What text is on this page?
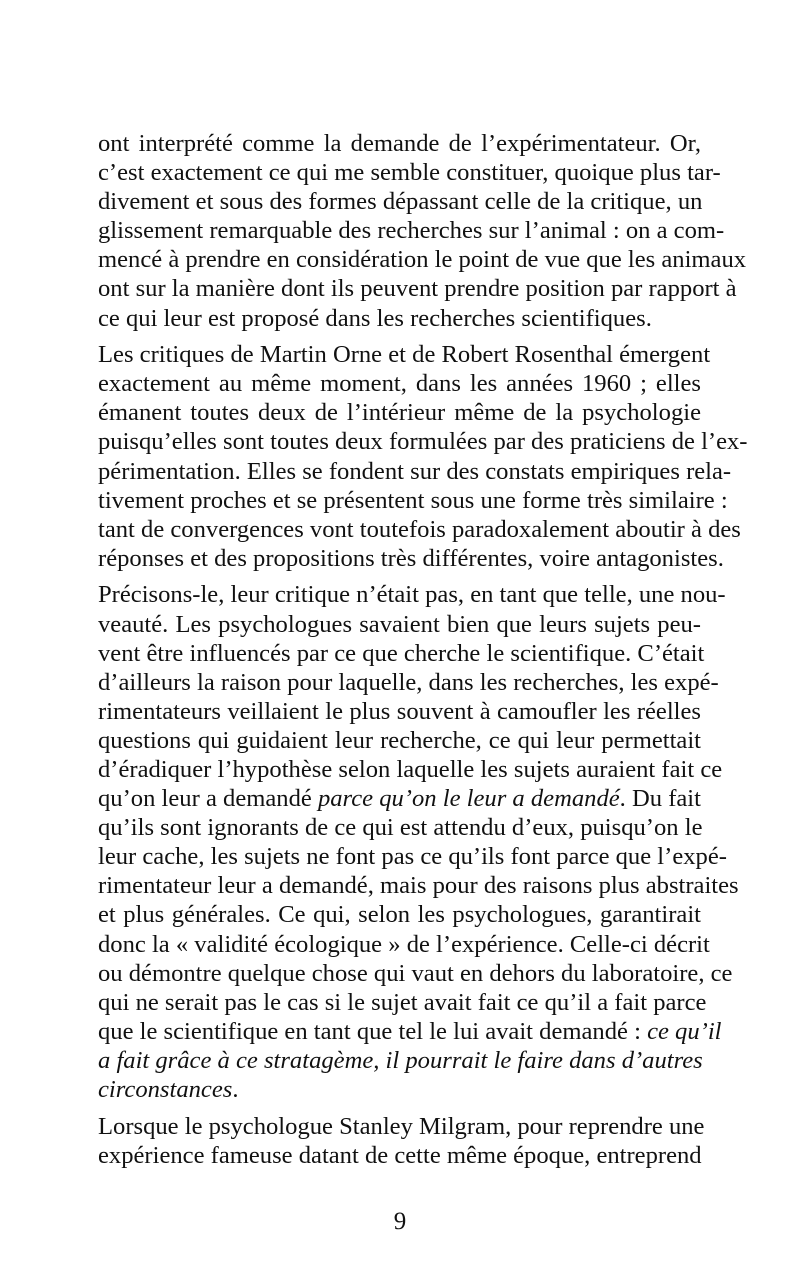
ont interprété comme la demande de l’expérimentateur. Or,
c’est exactement ce qui me semble constituer, quoique plus tar-
divement et sous des formes dépassant celle de la critique, un
glissement remarquable des recherches sur l’animal : on a com-
mencé à prendre en considération le point de vue que les animaux
ont sur la manière dont ils peuvent prendre position par rapport à
ce qui leur est proposé dans les recherches scientifiques.

Les critiques de Martin Orne et de Robert Rosenthal émergent
exactement au même moment, dans les années 1960 ; elles
émanent toutes deux de l’intérieur même de la psychologie
puisqu’elles sont toutes deux formulées par des praticiens de l’ex-
périmentation. Elles se fondent sur des constats empiriques rela-
tivement proches et se présentent sous une forme très similaire :
tant de convergences vont toutefois paradoxalement aboutir à des
réponses et des propositions très différentes, voire antagonistes.

Précisons-le, leur critique n’était pas, en tant que telle, une nou-
veauté. Les psychologues savaient bien que leurs sujets peu-
vent être influencés par ce que cherche le scientifique. C’était
d’ailleurs la raison pour laquelle, dans les recherches, les expé-
rimentateurs veillaient le plus souvent à camoufler les réelles
questions qui guidaient leur recherche, ce qui leur permettait
d’éradiquer l’hypothèse selon laquelle les sujets auraient fait ce
qu’on leur a demandé parce qu’on le leur a demandé. Du fait
qu’ils sont ignorants de ce qui est attendu d’eux, puisqu’on le
leur cache, les sujets ne font pas ce qu’ils font parce que l’expé-
rimentateur leur a demandé, mais pour des raisons plus abstraites
et plus générales. Ce qui, selon les psychologues, garantirait
donc la « validité écologique » de l’expérience. Celle-ci décrit
ou démontre quelque chose qui vaut en dehors du laboratoire, ce
qui ne serait pas le cas si le sujet avait fait ce qu’il a fait parce
que le scientifique en tant que tel le lui avait demandé : ce qu’il
a fait grâce à ce stratagème, il pourrait le faire dans d’autres
circonstances.

Lorsque le psychologue Stanley Milgram, pour reprendre une
expérience fameuse datant de cette même époque, entreprend

9
